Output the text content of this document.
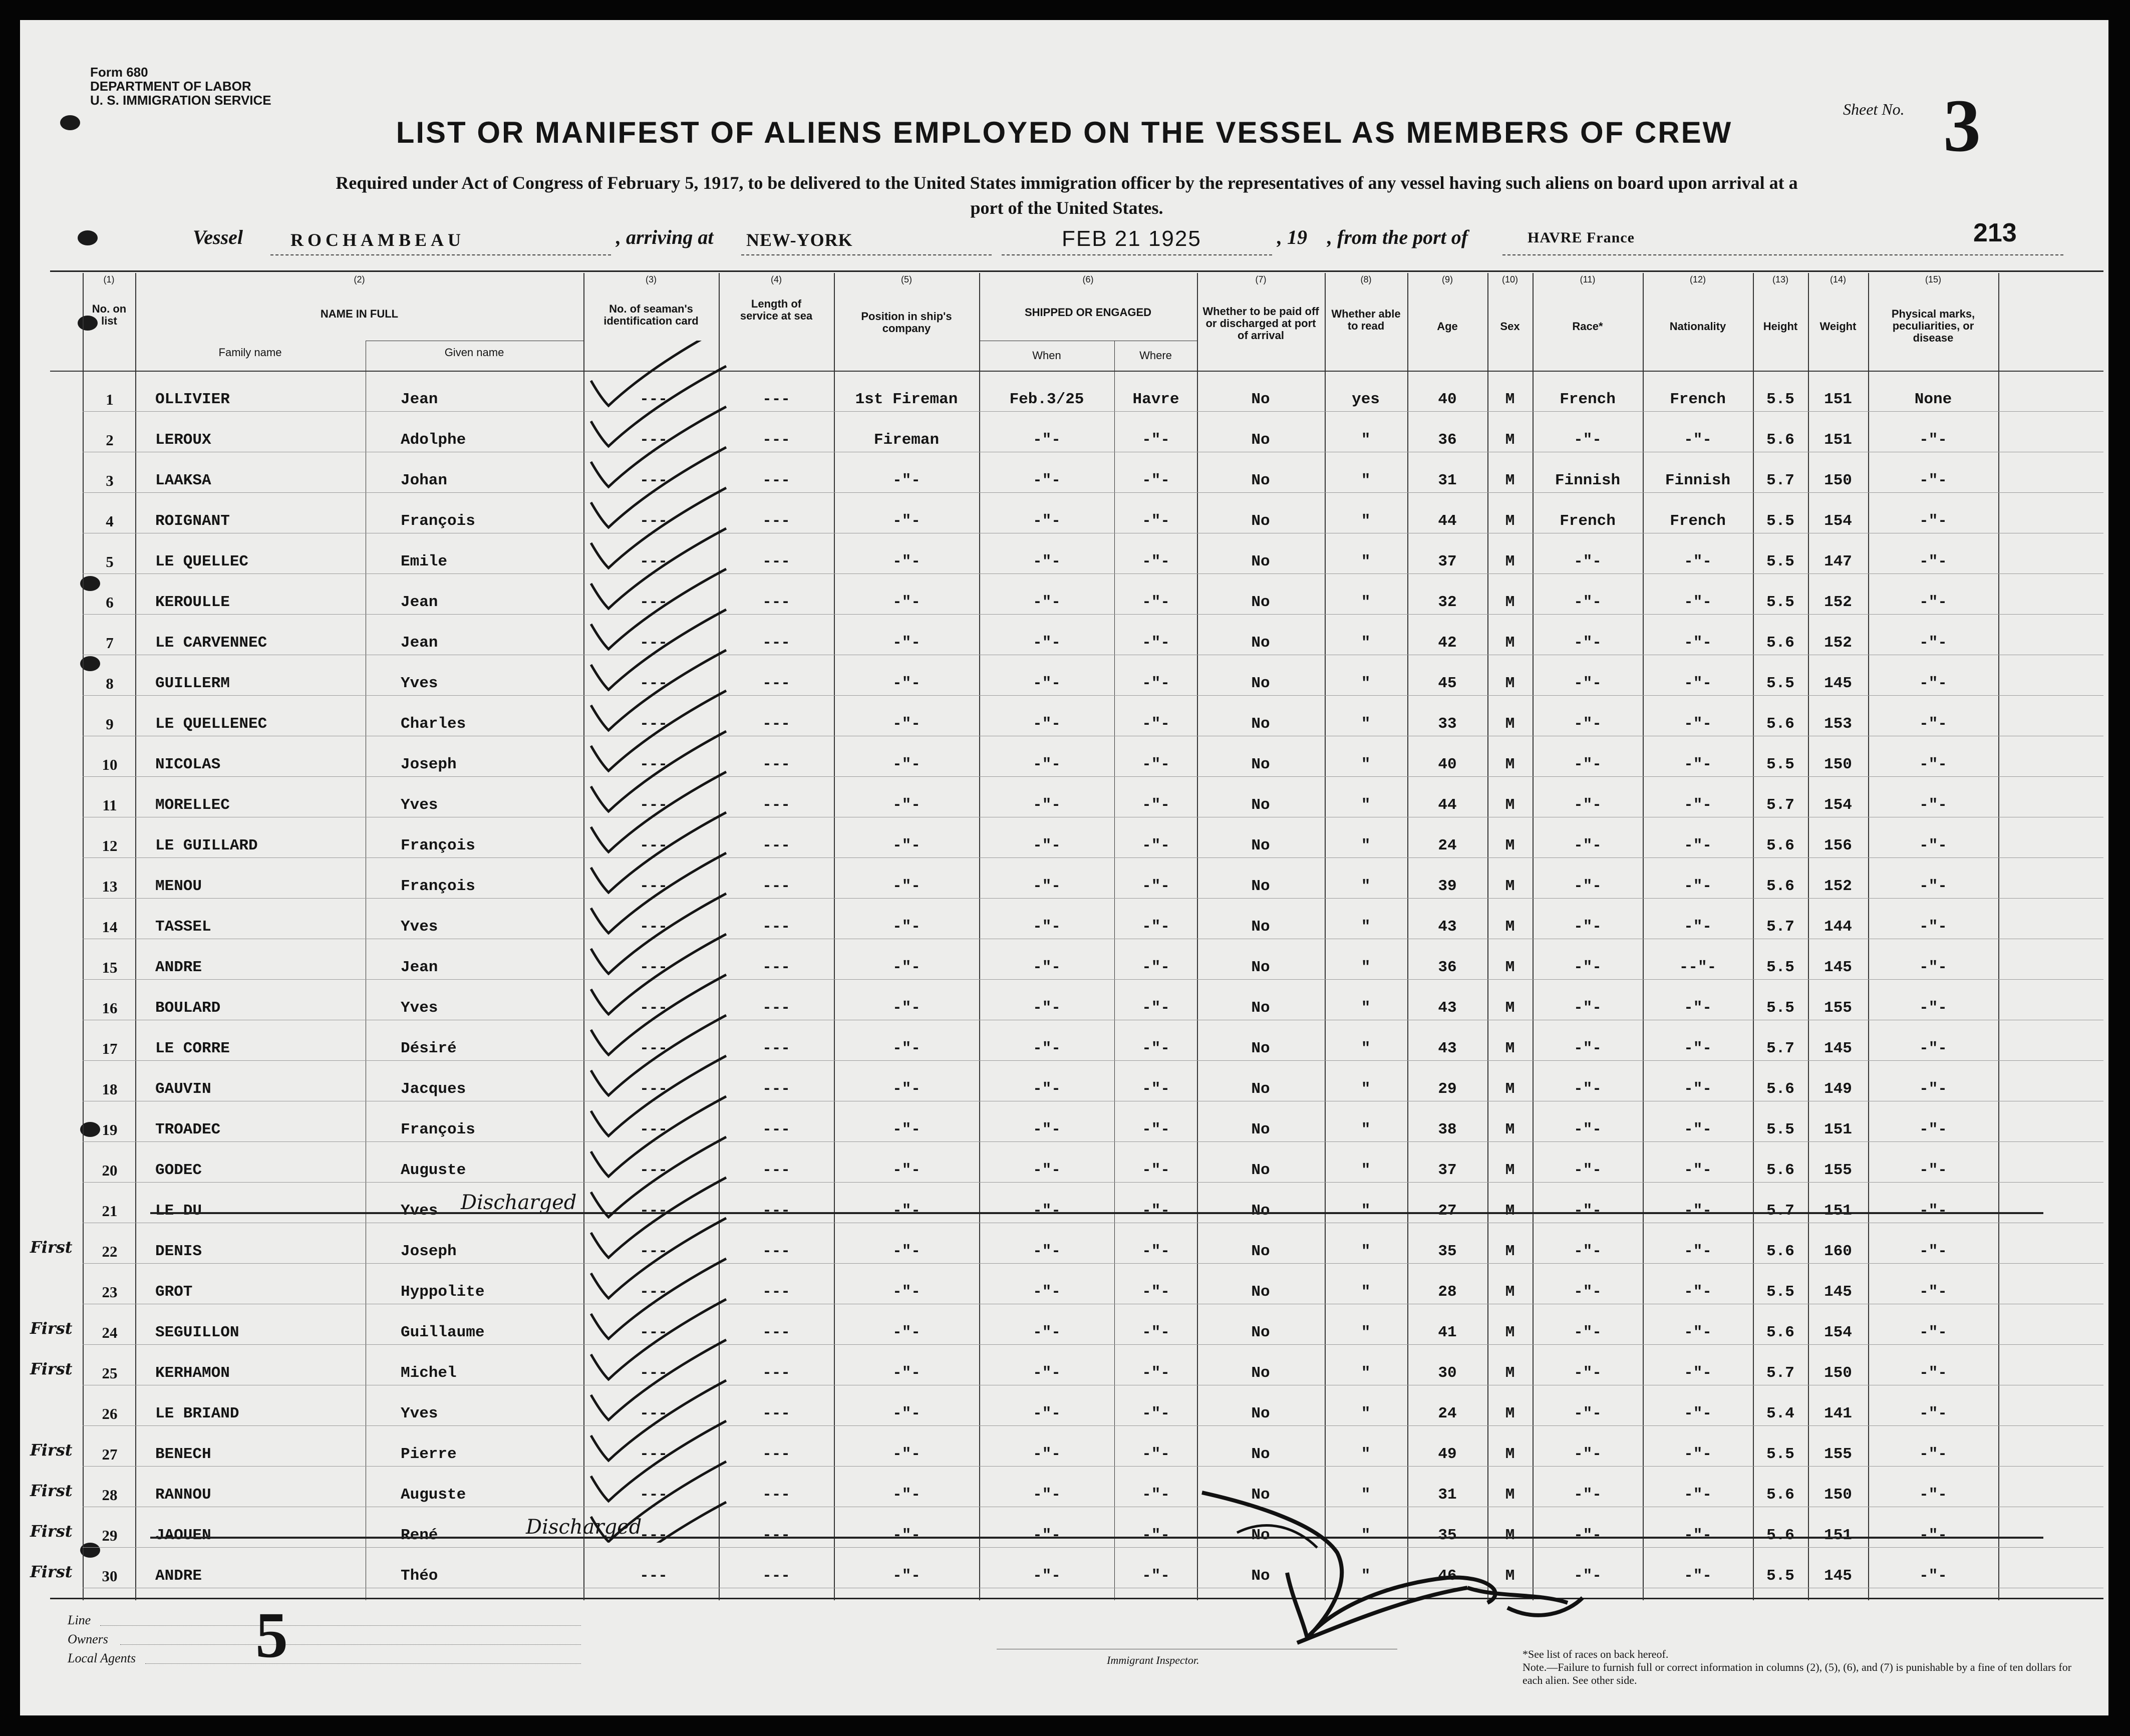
Form 680
DEPARTMENT OF LABOR
U. S. IMMIGRATION SERVICE
LIST OR MANIFEST OF ALIENS EMPLOYED ON THE VESSEL AS MEMBERS OF CREW
Sheet No. 3
Required under Act of Congress of February 5, 1917, to be delivered to the United States immigration officer by the representatives of any vessel having such aliens on board upon arrival at a
port of the United States.
213
Vessel	ROCHAMBEAU	, arriving at NEW-YORK	FEB 21 1925	, 19 , from the port of	HAVRE France
(1)	(2)	(3)	(4)	(5)	(6)	(7)	(8)	(9)	(10)	(11)	(12)	(13)	(14)	(15)
No. on list
NAME IN FULL
Family name	Given name
No. of seaman's identification card
Length of service at sea	Position in ship's company
SHIPPED OR ENGAGED
When	Where
Whether to be paid off or discharged at port of arrival
Whether able to read	Age	Sex	Race*	Nationality	Height	Weight
Physical marks, peculiarities, or disease
1	OLLIVIER	Jean	---	---	1st Fireman	Feb.3/25	Havre	No	yes	40	M	French	French	5.5	151	None
2	LEROUX	Adolphe	---	---	Fireman	-"-	-"-	No	"	36	M	-"-	-"-	5.6	151	-"-
3	LAAKSA	Johan	---	---	-"-	-"-	-"-	No	"	31	M	Finnish	Finnish	5.7	150	-"-
4	ROIGNANT	François	---	---	-"-	-"-	-"-	No	"	44	M	French	French	5.5	154	-"-
5	LE QUELLEC	Emile	---	---	-"-	-"-	-"-	No	"	37	M	-"-	-"-	5.5	147	-"-
6	KEROULLE	Jean	---	---	-"-	-"-	-"-	No	"	32	M	-"-	-"-	5.5	152	-"-
7	LE CARVENNEC	Jean	---	---	-"-	-"-	-"-	No	"	42	M	-"-	-"-	5.6	152	-"-
8	GUILLERM	Yves	---	---	-"-	-"-	-"-	No	"	45	M	-"-	-"-	5.5	145	-"-
9	LE QUELLENEC	Charles	---	---	-"-	-"-	-"-	No	"	33	M	-"-	-"-	5.6	153	-"-
10	NICOLAS	Joseph	---	---	-"-	-"-	-"-	No	"	40	M	-"-	-"-	5.5	150	-"-
11	MORELLEC	Yves	---	---	-"-	-"-	-"-	No	"	44	M	-"-	-"-	5.7	154	-"-
12	LE GUILLARD	François	---	---	-"-	-"-	-"-	No	"	24	M	-"-	-"-	5.6	156	-"-
13	MENOU	François	---	---	-"-	-"-	-"-	No	"	39	M	-"-	-"-	5.6	152	-"-
14	TASSEL	Yves	---	---	-"-	-"-	-"-	No	"	43	M	-"-	-"-	5.7	144	-"-
15	ANDRE	Jean	---	---	-"-	-"-	-"-	No	"	36	M	-"-	--"-	5.5	145	-"-
16	BOULARD	Yves	---	---	-"-	-"-	-"-	No	"	43	M	-"-	-"-	5.5	155	-"-
17	LE CORRE	Désiré	---	---	-"-	-"-	-"-	No	"	43	M	-"-	-"-	5.7	145	-"-
18	GAUVIN	Jacques	---	---	-"-	-"-	-"-	No	"	29	M	-"-	-"-	5.6	149	-"-
19	TROADEC	François	---	---	-"-	-"-	-"-	No	"	38	M	-"-	-"-	5.5	151	-"-
20	GODEC	Auguste	---	---	-"-	-"-	-"-	No	"	37	M	-"-	-"-	5.6	155	-"-
21	LE DU	Yves	---	---	-"-	-"-	-"-	No	"	27	M	-"-	-"-	5.7	151	-"-
Discharged
22	DENIS	Joseph	---	---	-"-	-"-	-"-	No	"	35	M	-"-	-"-	5.6	160	-"-
23	GROT	Hyppolite	---	---	-"-	-"-	-"-	No	"	28	M	-"-	-"-	5.5	145	-"-
24	SEGUILLON	Guillaume	---	---	-"-	-"-	-"-	No	"	41	M	-"-	-"-	5.6	154	-"-
25	KERHAMON	Michel	---	---	-"-	-"-	-"-	No	"	30	M	-"-	-"-	5.7	150	-"-
26	LE BRIAND	Yves	---	---	-"-	-"-	-"-	No	"	24	M	-"-	-"-	5.4	141	-"-
27	BENECH	Pierre	---	---	-"-	-"-	-"-	No	"	49	M	-"-	-"-	5.5	155	-"-
28	RANNOU	Auguste	---	---	-"-	-"-	-"-	No	"	31	M	-"-	-"-	5.6	150	-"-
29	JAOUEN	René	---	---	-"-	-"-	-"-	No	"	35	M	-"-	-"-	5.6	151	-"-
Discharged
30	ANDRE	Théo	---	---	-"-	-"-	-"-	No	"	46	M	-"-	-"-	5.5	145	-"-
First
First
First
First
First
First
First
Line
Owners
Local Agents 5	Immigrant Inspector.	*See list of races on back hereof.
Note.—Failure to furnish full or correct information in columns (2), (5), (6), and (7) is punishable by a fine of ten dollars for each alien. See other side.
